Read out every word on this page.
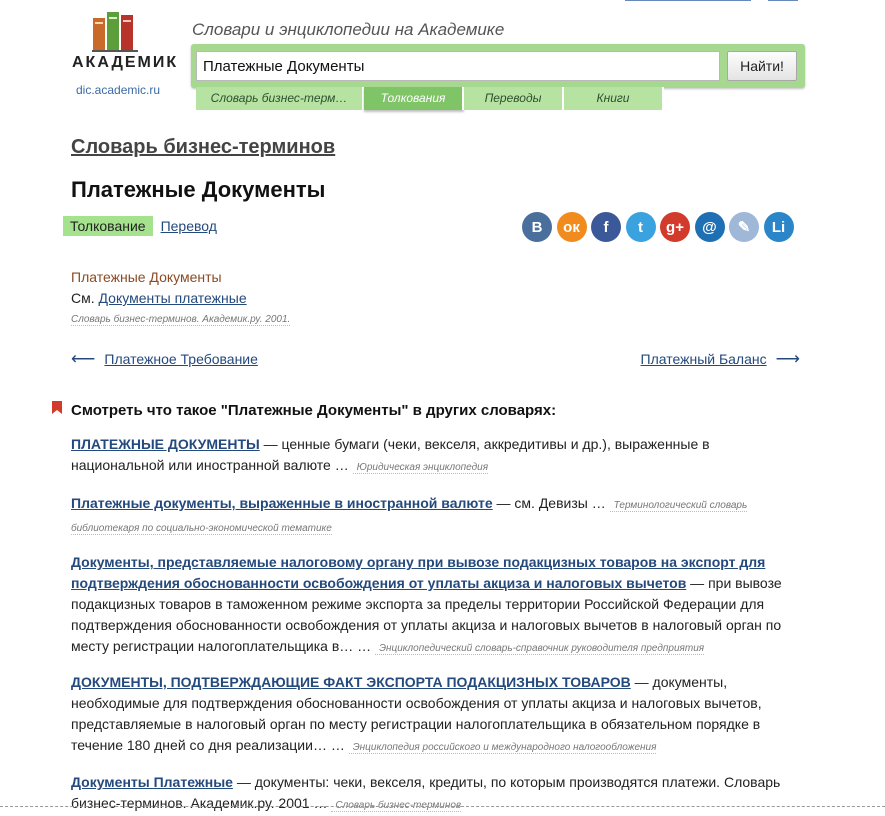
АКАДЕМИК
dic.academic.ru
Словари и энциклопедии на Академике
Платежные Документы
Найти!
Словарь бизнес-терм…	Толкования	Переводы	Книги
Словарь бизнес-терминов
Платежные Документы
Толкование	Перевод	B	ок	f	t	g+	@	✎	Li
Платежные Документы
См. Документы платежные
Словарь бизнес-терминов. Академик.ру. 2001.
⟵ Платежное Требование	Платежный Баланс ⟶
Смотреть что такое "Платежные Документы" в других словарях:
ПЛАТЕЖНЫЕ ДОКУМЕНТЫ — ценные бумаги (чеки, векселя, аккредитивы и др.), выраженные в национальной или иностранной валюте … Юридическая энциклопедия
Платежные документы, выраженные в иностранной валюте — см. Девизы … Терминологический словарь библиотекаря по социально-экономической тематике
Документы, представляемые налоговому органу при вывозе подакцизных товаров на экспорт для подтверждения обоснованности освобождения от уплаты акциза и налоговых вычетов — при вывозе подакцизных товаров в таможенном режиме экспорта за пределы территории Российской Федерации для подтверждения обоснованности освобождения от уплаты акциза и налоговых вычетов в налоговый орган по месту регистрации налогоплательщика в… … Энциклопедический словарь-справочник руководителя предприятия
ДОКУМЕНТЫ, ПОДТВЕРЖДАЮЩИЕ ФАКТ ЭКСПОРТА ПОДАКЦИЗНЫХ ТОВАРОВ — документы, необходимые для подтверждения обоснованности освобождения от уплаты акциза и налоговых вычетов, представляемые в налоговый орган по месту регистрации налогоплательщика в обязательном порядке в течение 180 дней со дня реализации… … Энциклопедия российского и международного налогообложения
Документы Платежные — документы: чеки, векселя, кредиты, по которым производятся платежи. Словарь бизнес-терминов. Академик.ру. 2001 … Словарь бизнес-терминов
